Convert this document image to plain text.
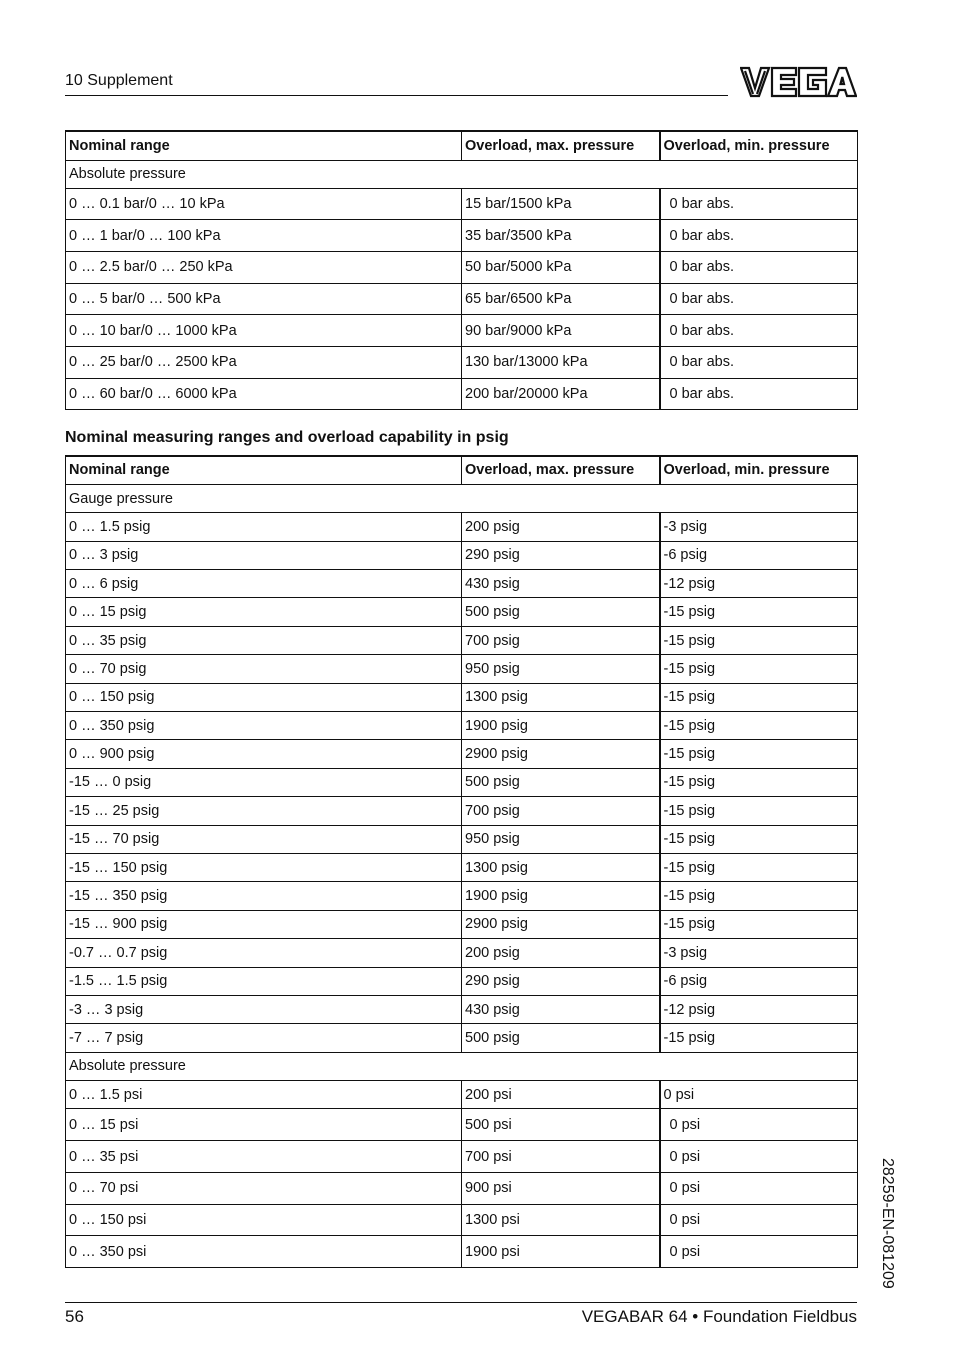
10 Supplement
Nominal range	Overload, max. pressure	Overload, min. pressure
Absolute pressure		
0 … 0.1 bar/0 … 10 kPa	15 bar/1500 kPa	0 bar abs.
0 … 1 bar/0 … 100 kPa	35 bar/3500 kPa	0 bar abs.
0 … 2.5 bar/0 … 250 kPa	50 bar/5000 kPa	0 bar abs.
0 … 5 bar/0 … 500 kPa	65 bar/6500 kPa	0 bar abs.
0 … 10 bar/0 … 1000 kPa	90 bar/9000 kPa	0 bar abs.
0 … 25 bar/0 … 2500 kPa	130 bar/13000 kPa	0 bar abs.
0 … 60 bar/0 … 6000 kPa	200 bar/20000 kPa	0 bar abs.
Nominal measuring ranges and overload capability in psig
Nominal range	Overload, max. pressure	Overload, min. pressure
Gauge pressure		
0 … 1.5 psig	200 psig	-3 psig
0 … 3 psig	290 psig	-6 psig
0 … 6 psig	430 psig	-12 psig
0 … 15 psig	500 psig	-15 psig
0 … 35 psig	700 psig	-15 psig
0 … 70 psig	950 psig	-15 psig
0 … 150 psig	1300 psig	-15 psig
0 … 350 psig	1900 psig	-15 psig
0 … 900 psig	2900 psig	-15 psig
-15 … 0 psig	500 psig	-15 psig
-15 … 25 psig	700 psig	-15 psig
-15 … 70 psig	950 psig	-15 psig
-15 … 150 psig	1300 psig	-15 psig
-15 … 350 psig	1900 psig	-15 psig
-15 … 900 psig	2900 psig	-15 psig
-0.7 … 0.7 psig	200 psig	-3 psig
-1.5 … 1.5 psig	290 psig	-6 psig
-3 … 3 psig	430 psig	-12 psig
-7 … 7 psig	500 psig	-15 psig
Absolute pressure		
0 … 1.5 psi	200 psi	0 psi
0 … 15 psi	500 psi	0 psi
0 … 35 psi	700 psi	0 psi
0 … 70 psi	900 psi	0 psi
0 … 150 psi	1300 psi	0 psi
0 … 350 psi	1900 psi	0 psi	28259-EN-081209
56	VEGABAR 64 • Foundation Fieldbus
